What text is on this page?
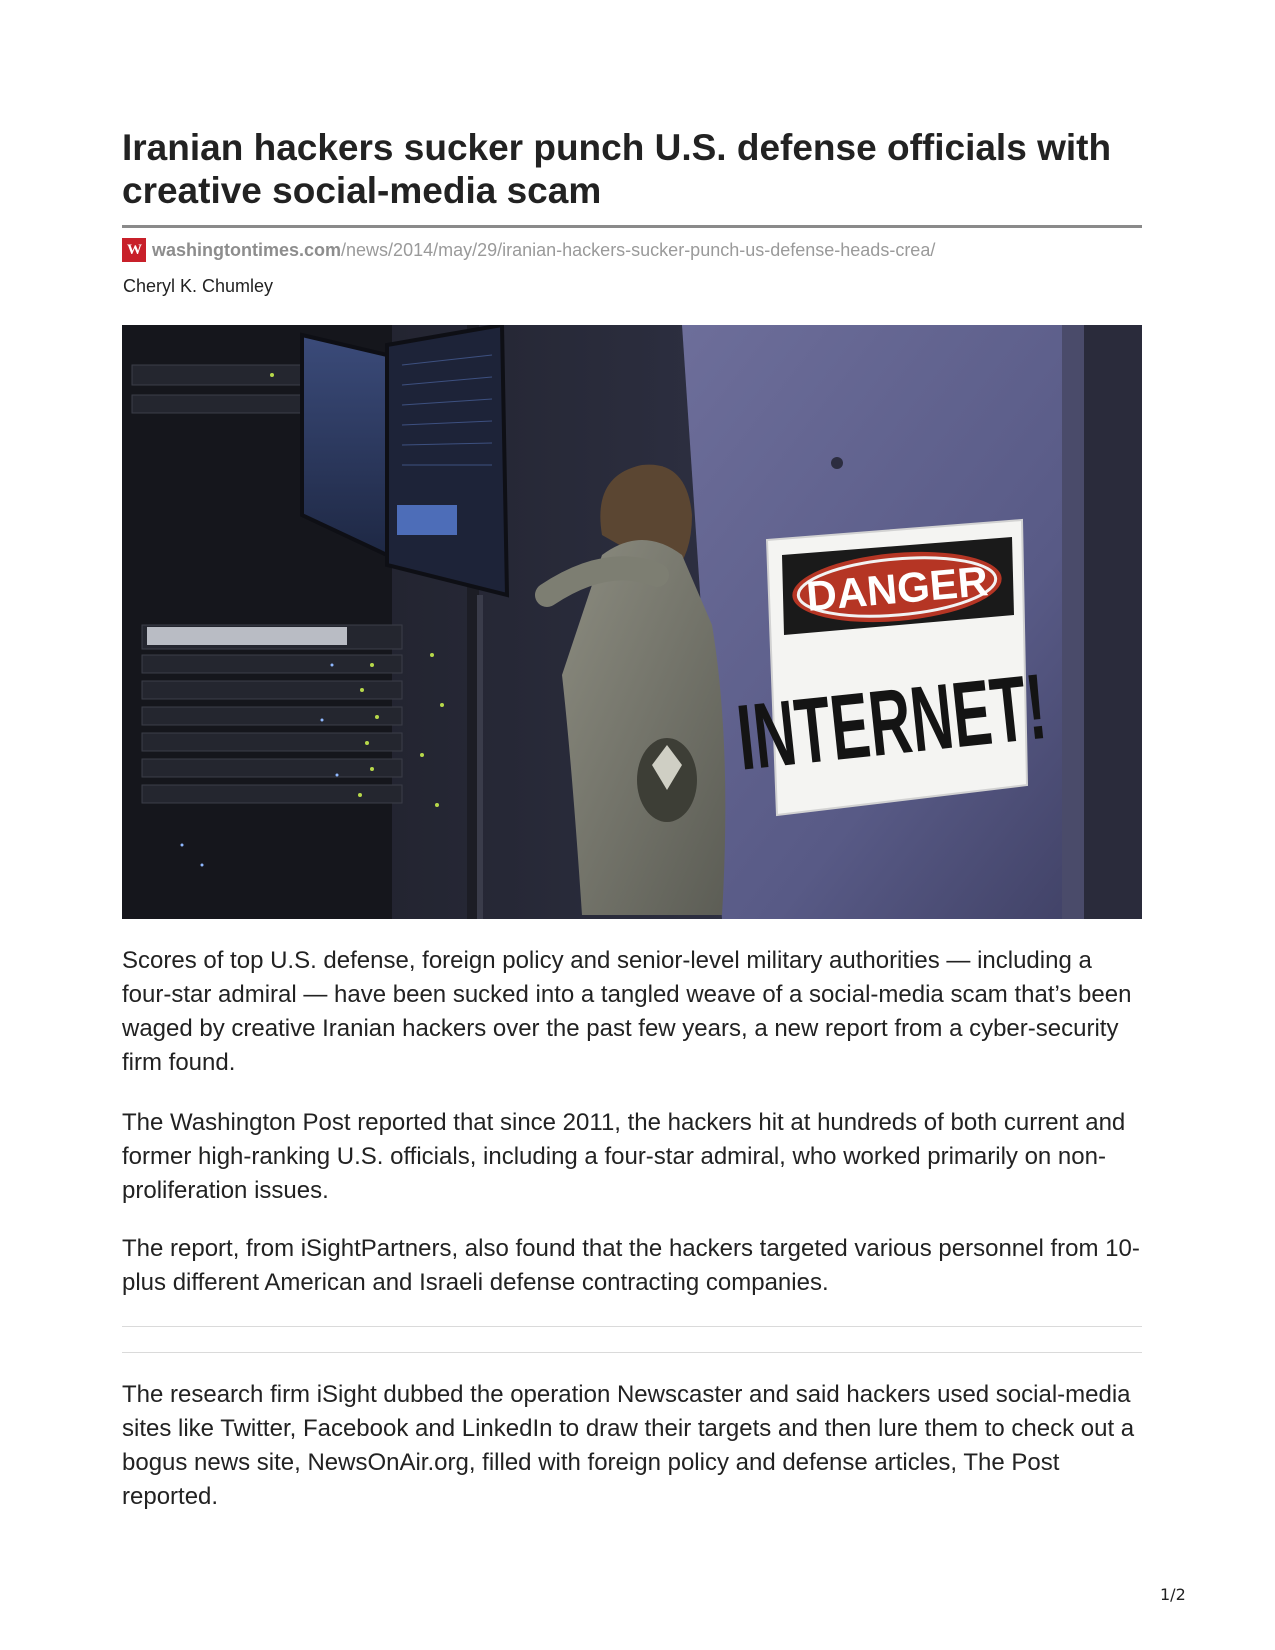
Iranian hackers sucker punch U.S. defense officials with creative social-media scam
W washingtontimes.com /news/2014/may/29/iranian-hackers-sucker-punch-us-defense-heads-crea/
Cheryl K. Chumley
DANGER
INTERNET!

Scores of top U.S. defense, foreign policy and senior-level military authorities — including a four-star admiral — have been sucked into a tangled weave of a social-media scam that’s been waged by creative Iranian hackers over the past few years, a new report from a cyber-security firm found.

The Washington Post reported that since 2011, the hackers hit at hundreds of both current and former high-ranking U.S. officials, including a four-star admiral, who worked primarily on non-proliferation issues.

The report, from iSightPartners, also found that the hackers targeted various personnel from 10-plus different American and Israeli defense contracting companies.

The research firm iSight dubbed the operation Newscaster and said hackers used social-media sites like Twitter, Facebook and LinkedIn to draw their targets and then lure them to check out a bogus news site, NewsOnAir.org, filled with foreign policy and defense articles, The Post reported.

1/2
